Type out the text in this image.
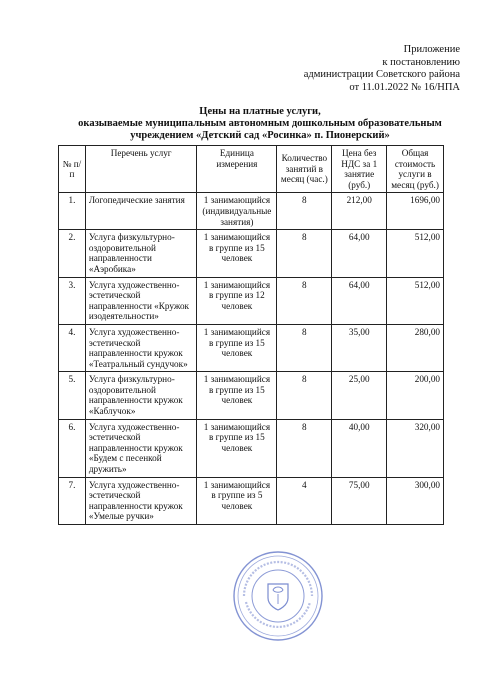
Приложение
к постановлению
администрации Советского района
от 11.01.2022 № 16/НПА
Цены на платные услуги,
оказываемые муниципальным автономным дошкольным образовательным
учреждением «Детский сад «Росинка» п. Пионерский»
№ п/п	Перечень услуг	Единица измерения	Количество занятий в месяц (час.)	Цена без НДС за 1 занятие (руб.)	Общая стоимость услуги в месяц (руб.)
1.	Логопедические занятия	1 занимающийся (индивидуальные занятия)	8	212,00	1696,00
2.	Услуга физкультурно-оздоровительной направленности «Аэробика»	1 занимающийся в группе из 15 человек	8	64,00	512,00
3.	Услуга художественно-эстетической направленности «Кружок изодеятельности»	1 занимающийся в группе из 12 человек	8	64,00	512,00
4.	Услуга художественно-эстетической направленности кружок «Театральный сундучок»	1 занимающийся в группе из 15 человек	8	35,00	280,00
5.	Услуга физкультурно-оздоровительной направленности кружок «Каблучок»	1 занимающийся в группе из 15 человек	8	25,00	200,00
6.	Услуга художественно-эстетической направленности кружок «Будем с песенкой дружить»	1 занимающийся в группе из 15 человек	8	40,00	320,00
7.	Услуга художественно-эстетической направленности кружок «Умелые ручки»	1 занимающийся в группе из 5 человек	4	75,00	300,00
